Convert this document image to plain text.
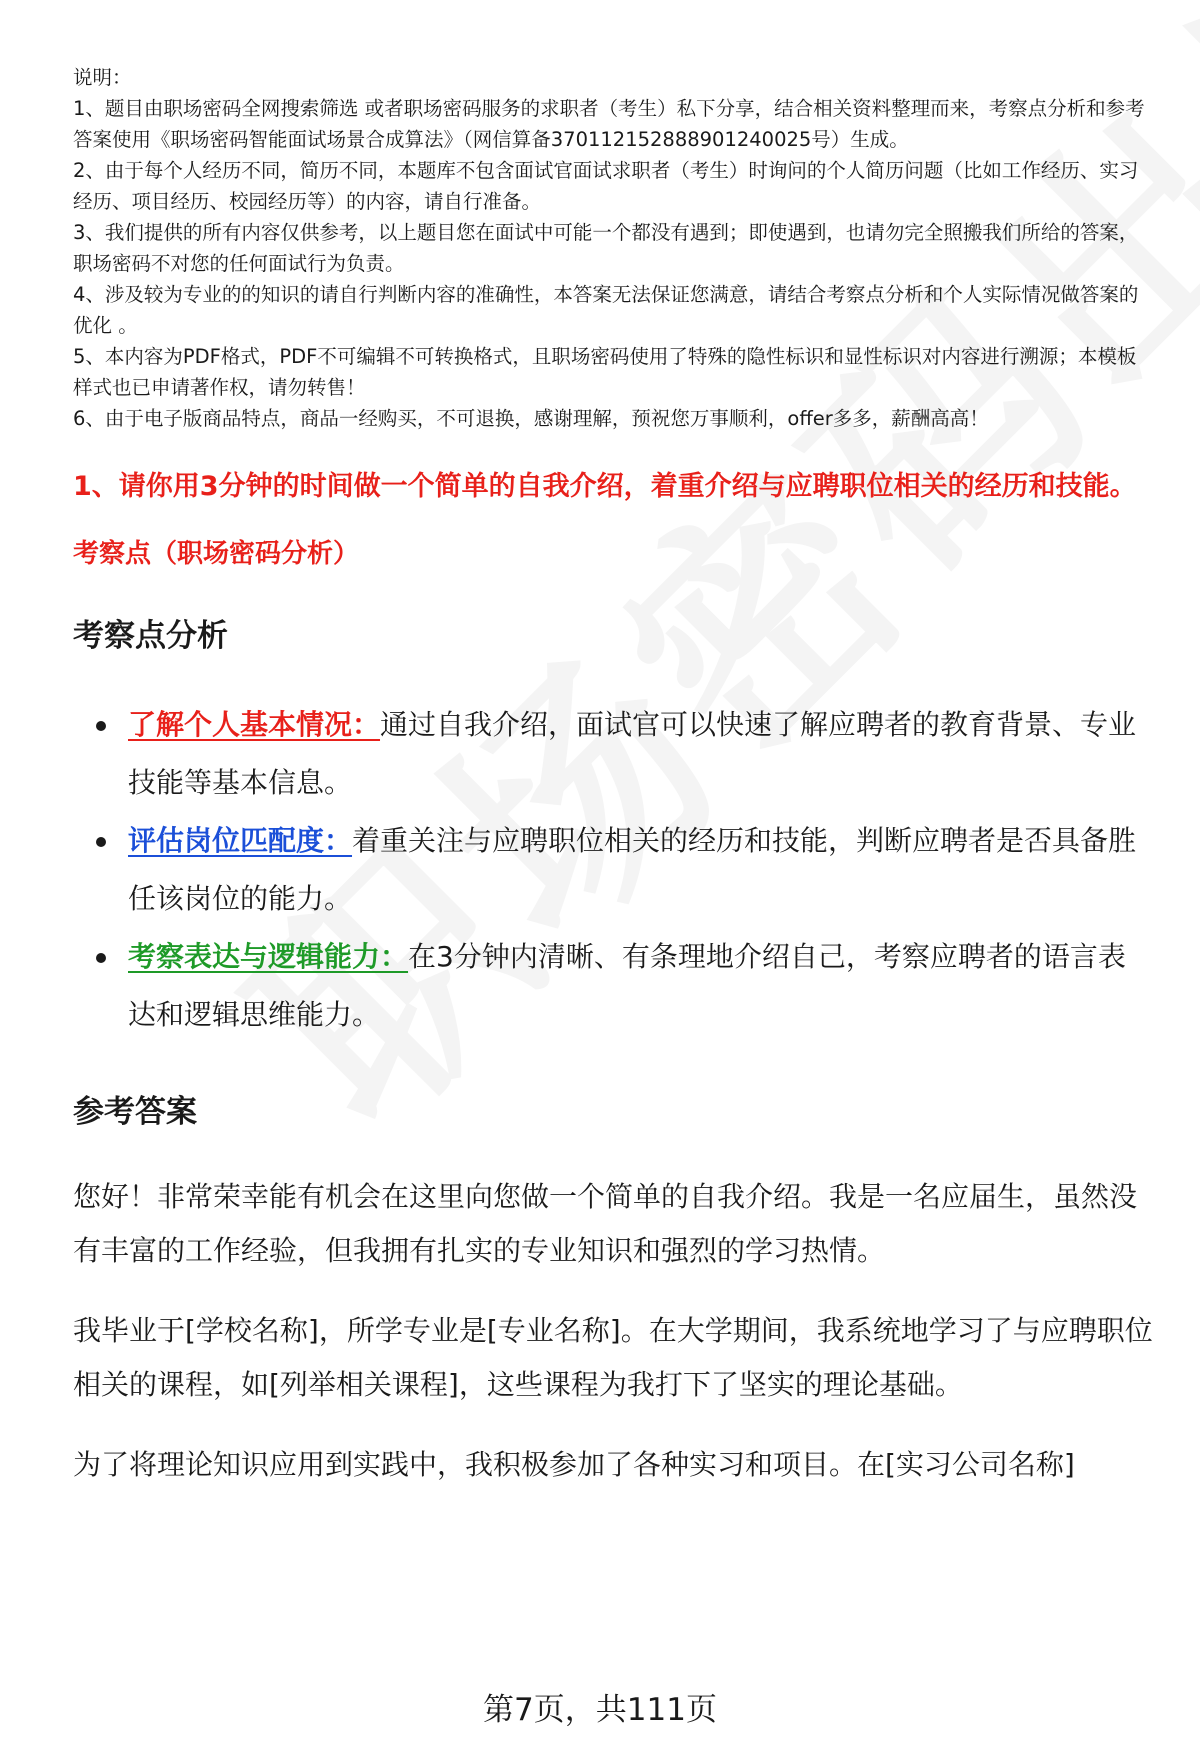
说明：

1、题目由职场密码全网搜索筛选 或者职场密码服务的求职者（考生）私下分享，结合相关资料整理而来，考察点分析和参考答案使用《职场密码智能面试场景合成算法》（网信算备370112152888901240025号）生成。

2、由于每个人经历不同，简历不同，本题库不包含面试官面试求职者（考生）时询问的个人简历问题（比如工作经历、实习经历、项目经历、校园经历等）的内容，请自行准备。

3、我们提供的所有内容仅供参考，以上题目您在面试中可能一个都没有遇到；即使遇到，也请勿完全照搬我们所给的答案，职场密码不对您的任何面试行为负责。

4、涉及较为专业的的知识的请自行判断内容的准确性，本答案无法保证您满意，请结合考察点分析和个人实际情况做答案的优化 。

5、本内容为PDF格式，PDF不可编辑不可转换格式，且职场密码使用了特殊的隐性标识和显性标识对内容进行溯源；本模板样式也已申请著作权，请勿转售！

6、由于电子版商品特点，商品一经购买，不可退换，感谢理解，预祝您万事顺利，offer多多，薪酬高高！

1、请你用3分钟的时间做一个简单的自我介绍，着重介绍与应聘职位相关的经历和技能。
考察点（职场密码分析）
考察点分析
了解个人基本情况：通过自我介绍，面试官可以快速了解应聘者的教育背景、专业技能等基本信息。
评估岗位匹配度：着重关注与应聘职位相关的经历和技能，判断应聘者是否具备胜任该岗位的能力。
考察表达与逻辑能力：在3分钟内清晰、有条理地介绍自己，考察应聘者的语言表达和逻辑思维能力。
参考答案

您好！非常荣幸能有机会在这里向您做一个简单的自我介绍。我是一名应届生，虽然没有丰富的工作经验，但我拥有扎实的专业知识和强烈的学习热情。

我毕业于[学校名称]，所学专业是[专业名称]。在大学期间，我系统地学习了与应聘职位相关的课程，如[列举相关课程]，这些课程为我打下了坚实的理论基础。

为了将理论知识应用到实践中，我积极参加了各种实习和项目。在[实习公司名称]

第7页，共111页
